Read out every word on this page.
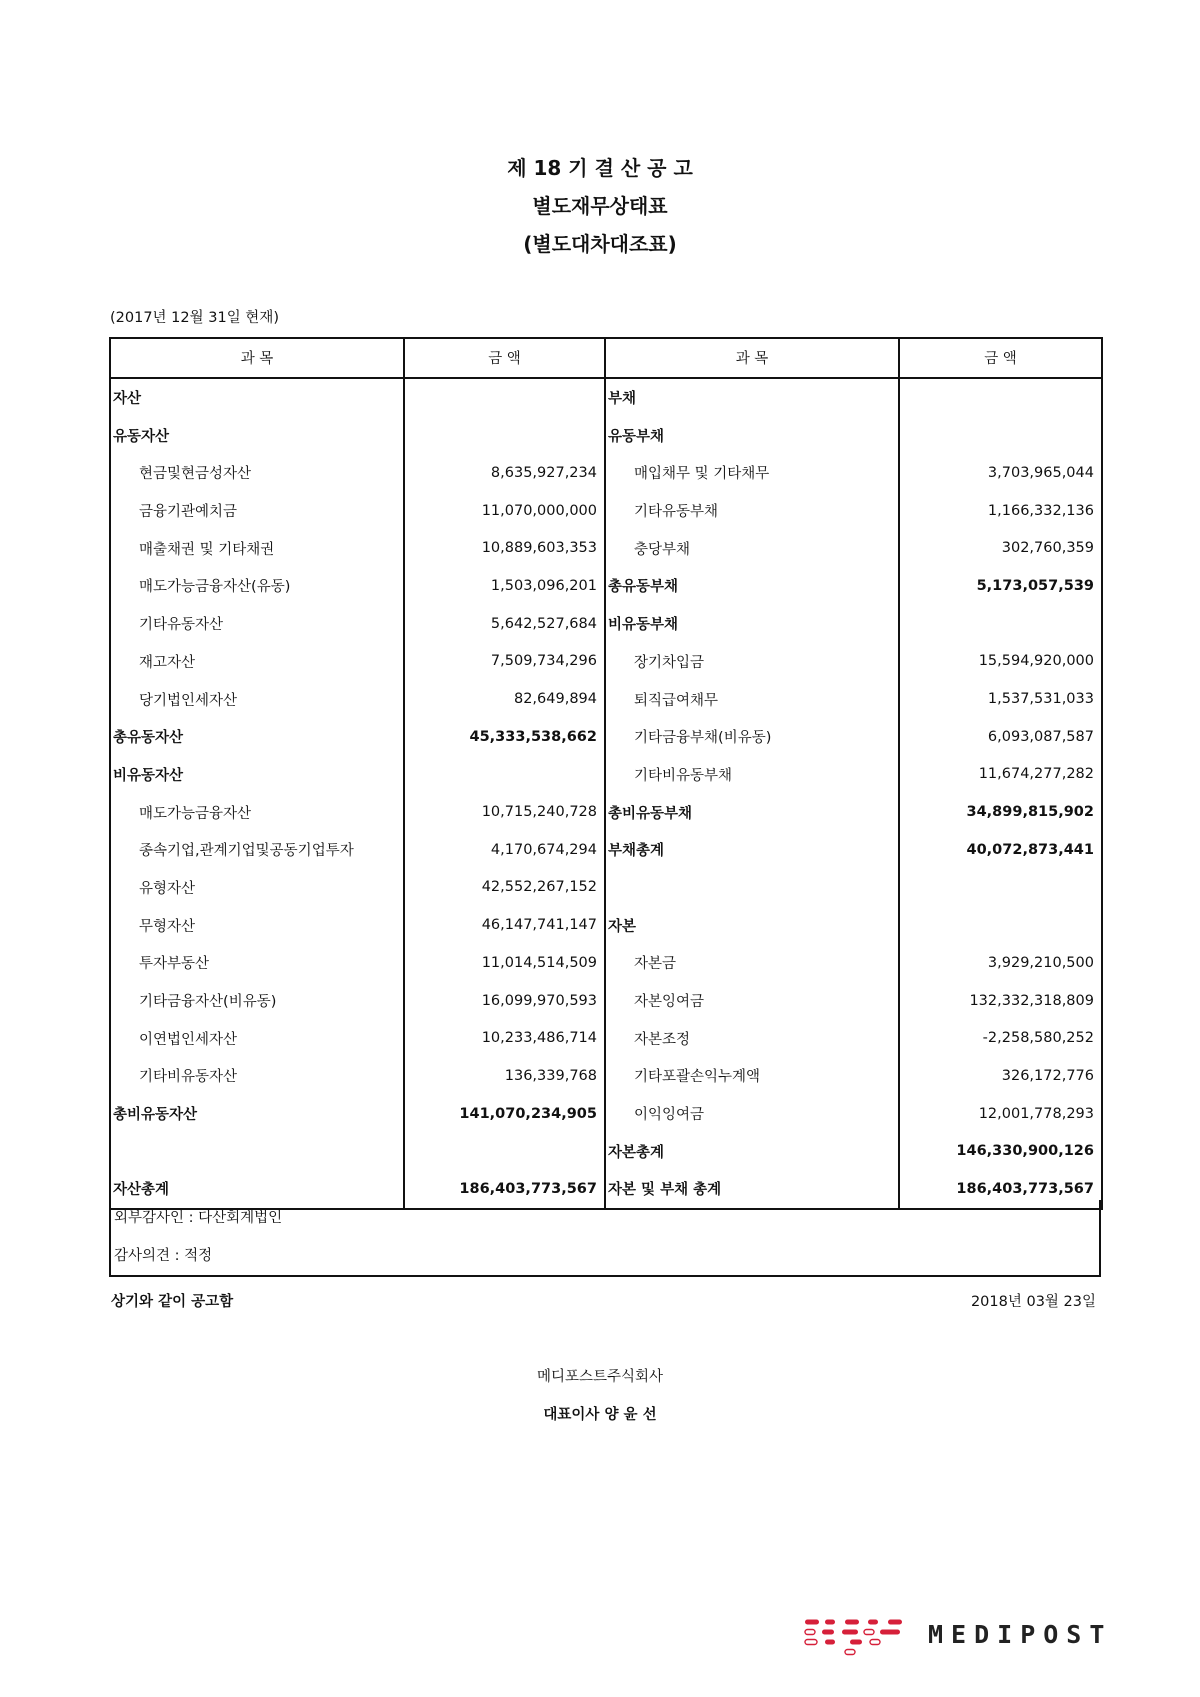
제 18 기 결 산 공 고
별도재무상태표
(별도대차대조표)
(2017년 12월 31일 현재)
과 목	금 액	과 목	금 액
자산		부채	
유동자산		유동부채	
현금및현금성자산	8,635,927,234	매입채무 및 기타채무	3,703,965,044
금융기관예치금	11,070,000,000	기타유동부채	1,166,332,136
매출채권 및 기타채권	10,889,603,353	충당부채	302,760,359
매도가능금융자산(유동)	1,503,096,201	총유동부채	5,173,057,539
기타유동자산	5,642,527,684	비유동부채	
재고자산	7,509,734,296	장기차입금	15,594,920,000
당기법인세자산	82,649,894	퇴직급여채무	1,537,531,033
총유동자산	45,333,538,662	기타금융부채(비유동)	6,093,087,587
비유동자산		기타비유동부채	11,674,277,282
매도가능금융자산	10,715,240,728	총비유동부채	34,899,815,902
종속기업,관계기업및공동기업투자	4,170,674,294	부채총계	40,072,873,441
유형자산	42,552,267,152		
무형자산	46,147,741,147	자본	
투자부동산	11,014,514,509	자본금	3,929,210,500
기타금융자산(비유동)	16,099,970,593	자본잉여금	132,332,318,809
이연법인세자산	10,233,486,714	자본조정	-2,258,580,252
기타비유동자산	136,339,768	기타포괄손익누계액	326,172,776
총비유동자산	141,070,234,905	이익잉여금	12,001,778,293
		자본총계	146,330,900,126
자산총계	186,403,773,567	자본 및 부채 총계	186,403,773,567
외부감사인 : 다산회계법인
감사의견 : 적정
상기와 같이 공고함	2018년 03월 23일
메디포스트주식회사
대표이사 양 윤 선
MEDIPOST
